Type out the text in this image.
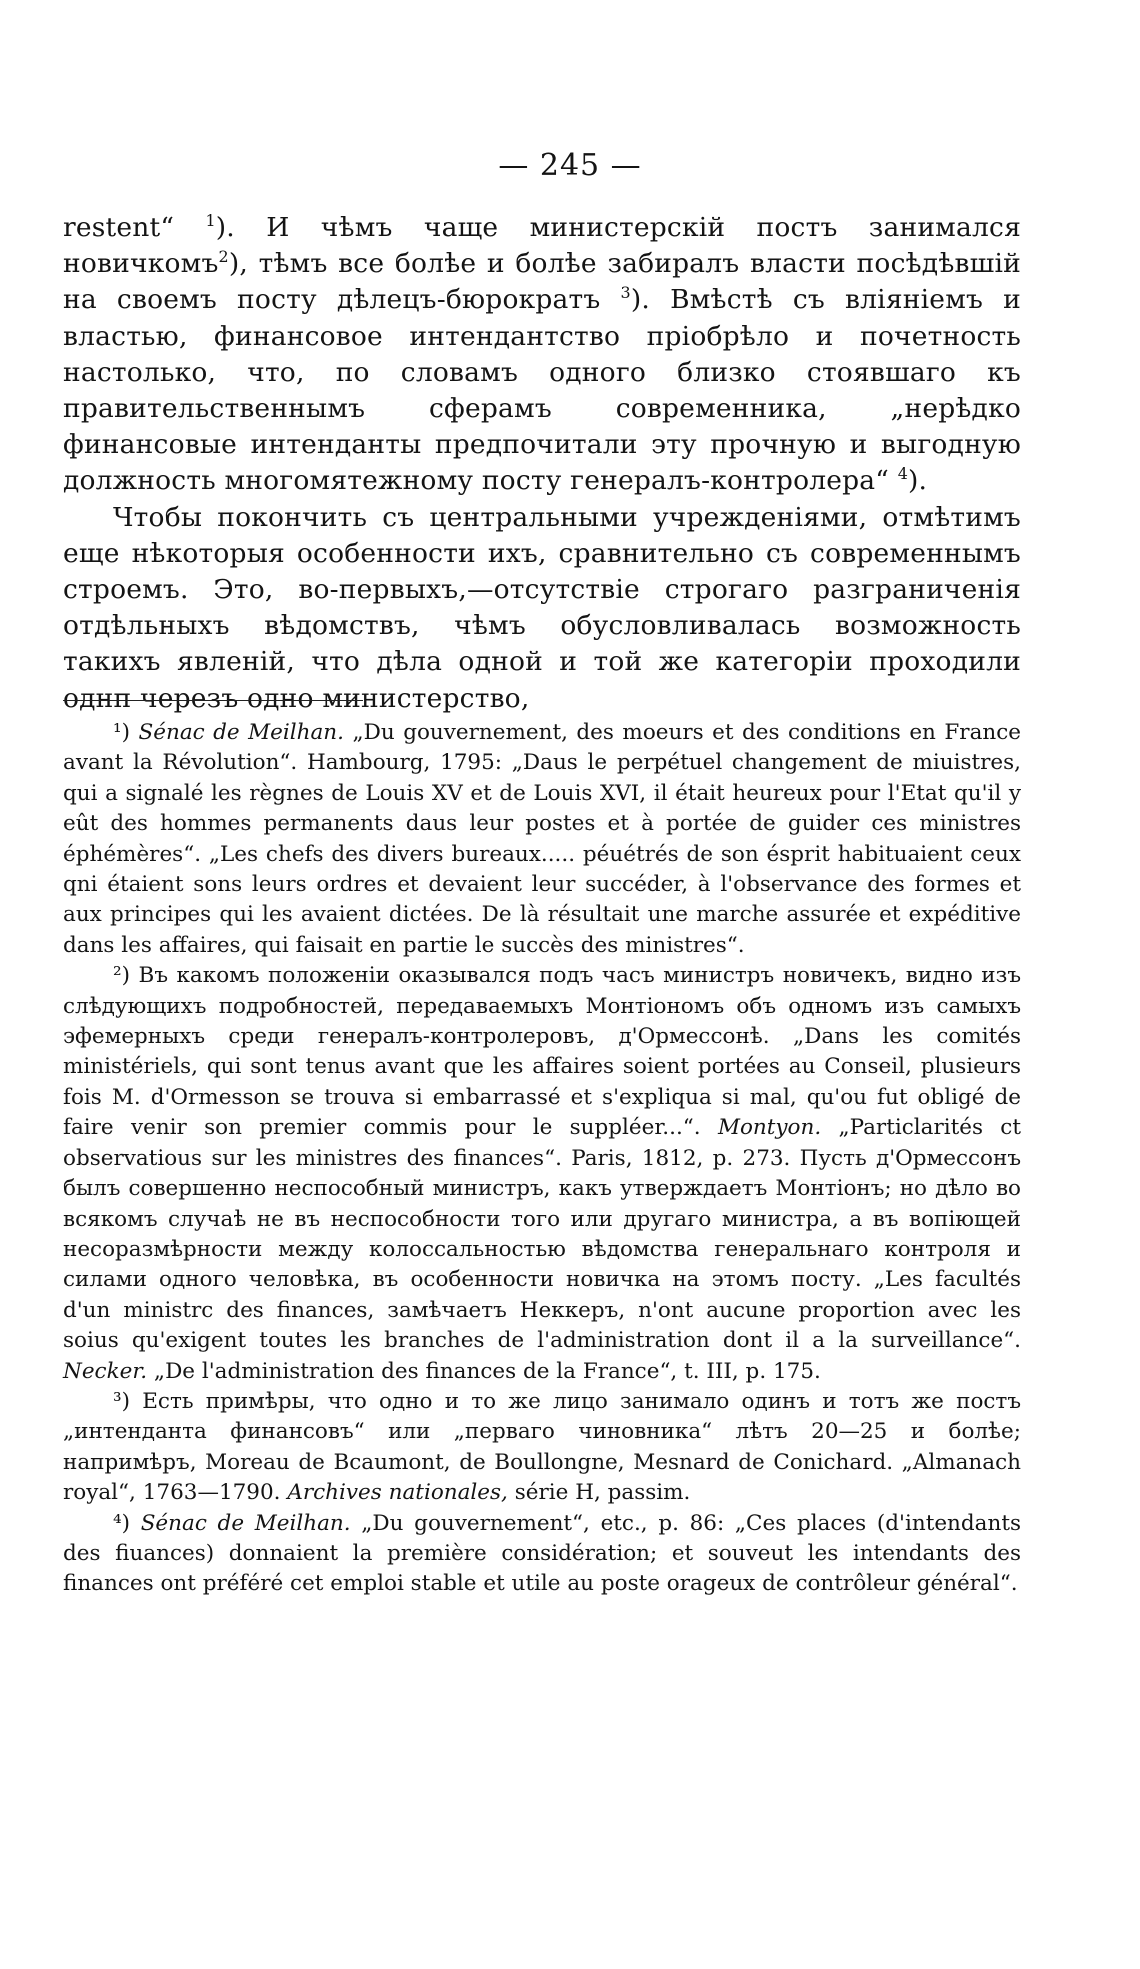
— 245 —

restent“ $^1$). И чѣмъ чаще министерскій постъ занимался новичкомъ$^2$), тѣмъ все болѣе и болѣе забиралъ власти посѣдѣвшій на своемъ посту дѣлецъ-бюрократъ $^3$). Вмѣстѣ съ вліяніемъ и властью, финансовое интендантство пріобрѣло и почетность настолько, что, по словамъ одного близко стоявшаго къ правительственнымъ сферамъ современника, „нерѣдко финансовые интенданты предпочитали эту прочную и выгодную должность многомятежному посту генералъ-контролера“ $^4$).

Чтобы покончить съ центральными учрежденіями, отмѣтимъ еще нѣкоторыя особенности ихъ, сравнительно съ современнымъ строемъ. Это, во-первыхъ,—отсутствіе строгаго разграниченія отдѣльныхъ вѣдомствъ, чѣмъ обусловливалась возможность такихъ явленій, что дѣла одной и той же категоріи проходили однп черезъ одно министерство,

¹) Sénac de Meilhan. „Du gouvernement, des moeurs et des conditions en France avant la Révolution“. Hambourg, 1795: „Daus le perpétuel changement de miuistres, qui a signalé les règnes de Louis XV et de Louis XVI, il était heureux pour l'Etat qu'il y eût des hommes permanents daus leur postes et à portée de guider ces ministres éphémères“. „Les chefs des divers bureaux..... péuétrés de son ésprit habituaient ceux qni étaient sons leurs ordres et devaient leur succéder, à l'observance des formes et aux principes qui les avaient dictées. De là résultait une marche assurée et expéditive dans les affaires, qui faisait en partie le succès des ministres“.

²) Въ какомъ положеніи оказывался подъ часъ министръ новичекъ, видно изъ слѣдующихъ подробностей, передаваемыхъ Монтіономъ объ одномъ изъ самыхъ эфемерныхъ среди генералъ-контролеровъ, д'Ормессонѣ. „Dans les comités ministériels, qui sont tenus avant que les affaires soient portées au Conseil, plusieurs fois M. d'Ormesson se trouva si embarrassé et s'expliqua si mal, qu'ou fut obligé de faire venir son premier commis pour le suppléer...“. Montyon. „Particlarités ct observatious sur les ministres des finances“. Paris, 1812, p. 273. Пусть д'Ормессонъ былъ совершенно неспособный министръ, какъ утверждаетъ Монтіонъ; но дѣло во всякомъ случаѣ не въ неспособности того или другаго министра, а въ вопіющей несоразмѣрности между колоссальностью вѣдомства генеральнаго контроля и силами одного человѣка, въ особенности новичка на этомъ посту. „Les facultés d'un ministrc des finances, замѣчаетъ Неккеръ, n'ont aucune proportion avec les soius qu'exigent toutes les branches de l'administration dont il a la surveillance“. Necker. „De l'administration des finances de la France“, t. III, p. 175.

³) Есть примѣры, что одно и то же лицо занимало одинъ и тотъ же постъ „интенданта финансовъ“ или „перваго чиновника“ лѣтъ 20—25 и болѣе; напримѣръ, Moreau de Bcaumont, de Boullongne, Mesnard de Conichard. „Almanach royal“, 1763—1790. Archives nationales, série H, passim.

⁴) Sénac de Meilhan. „Du gouvernement“, etc., p. 86: „Ces places (d'intendants des fiuances) donnaient la première considération; et souveut les intendants des finances ont préféré cet emploi stable et utile au poste orageux de contrôleur général“.
